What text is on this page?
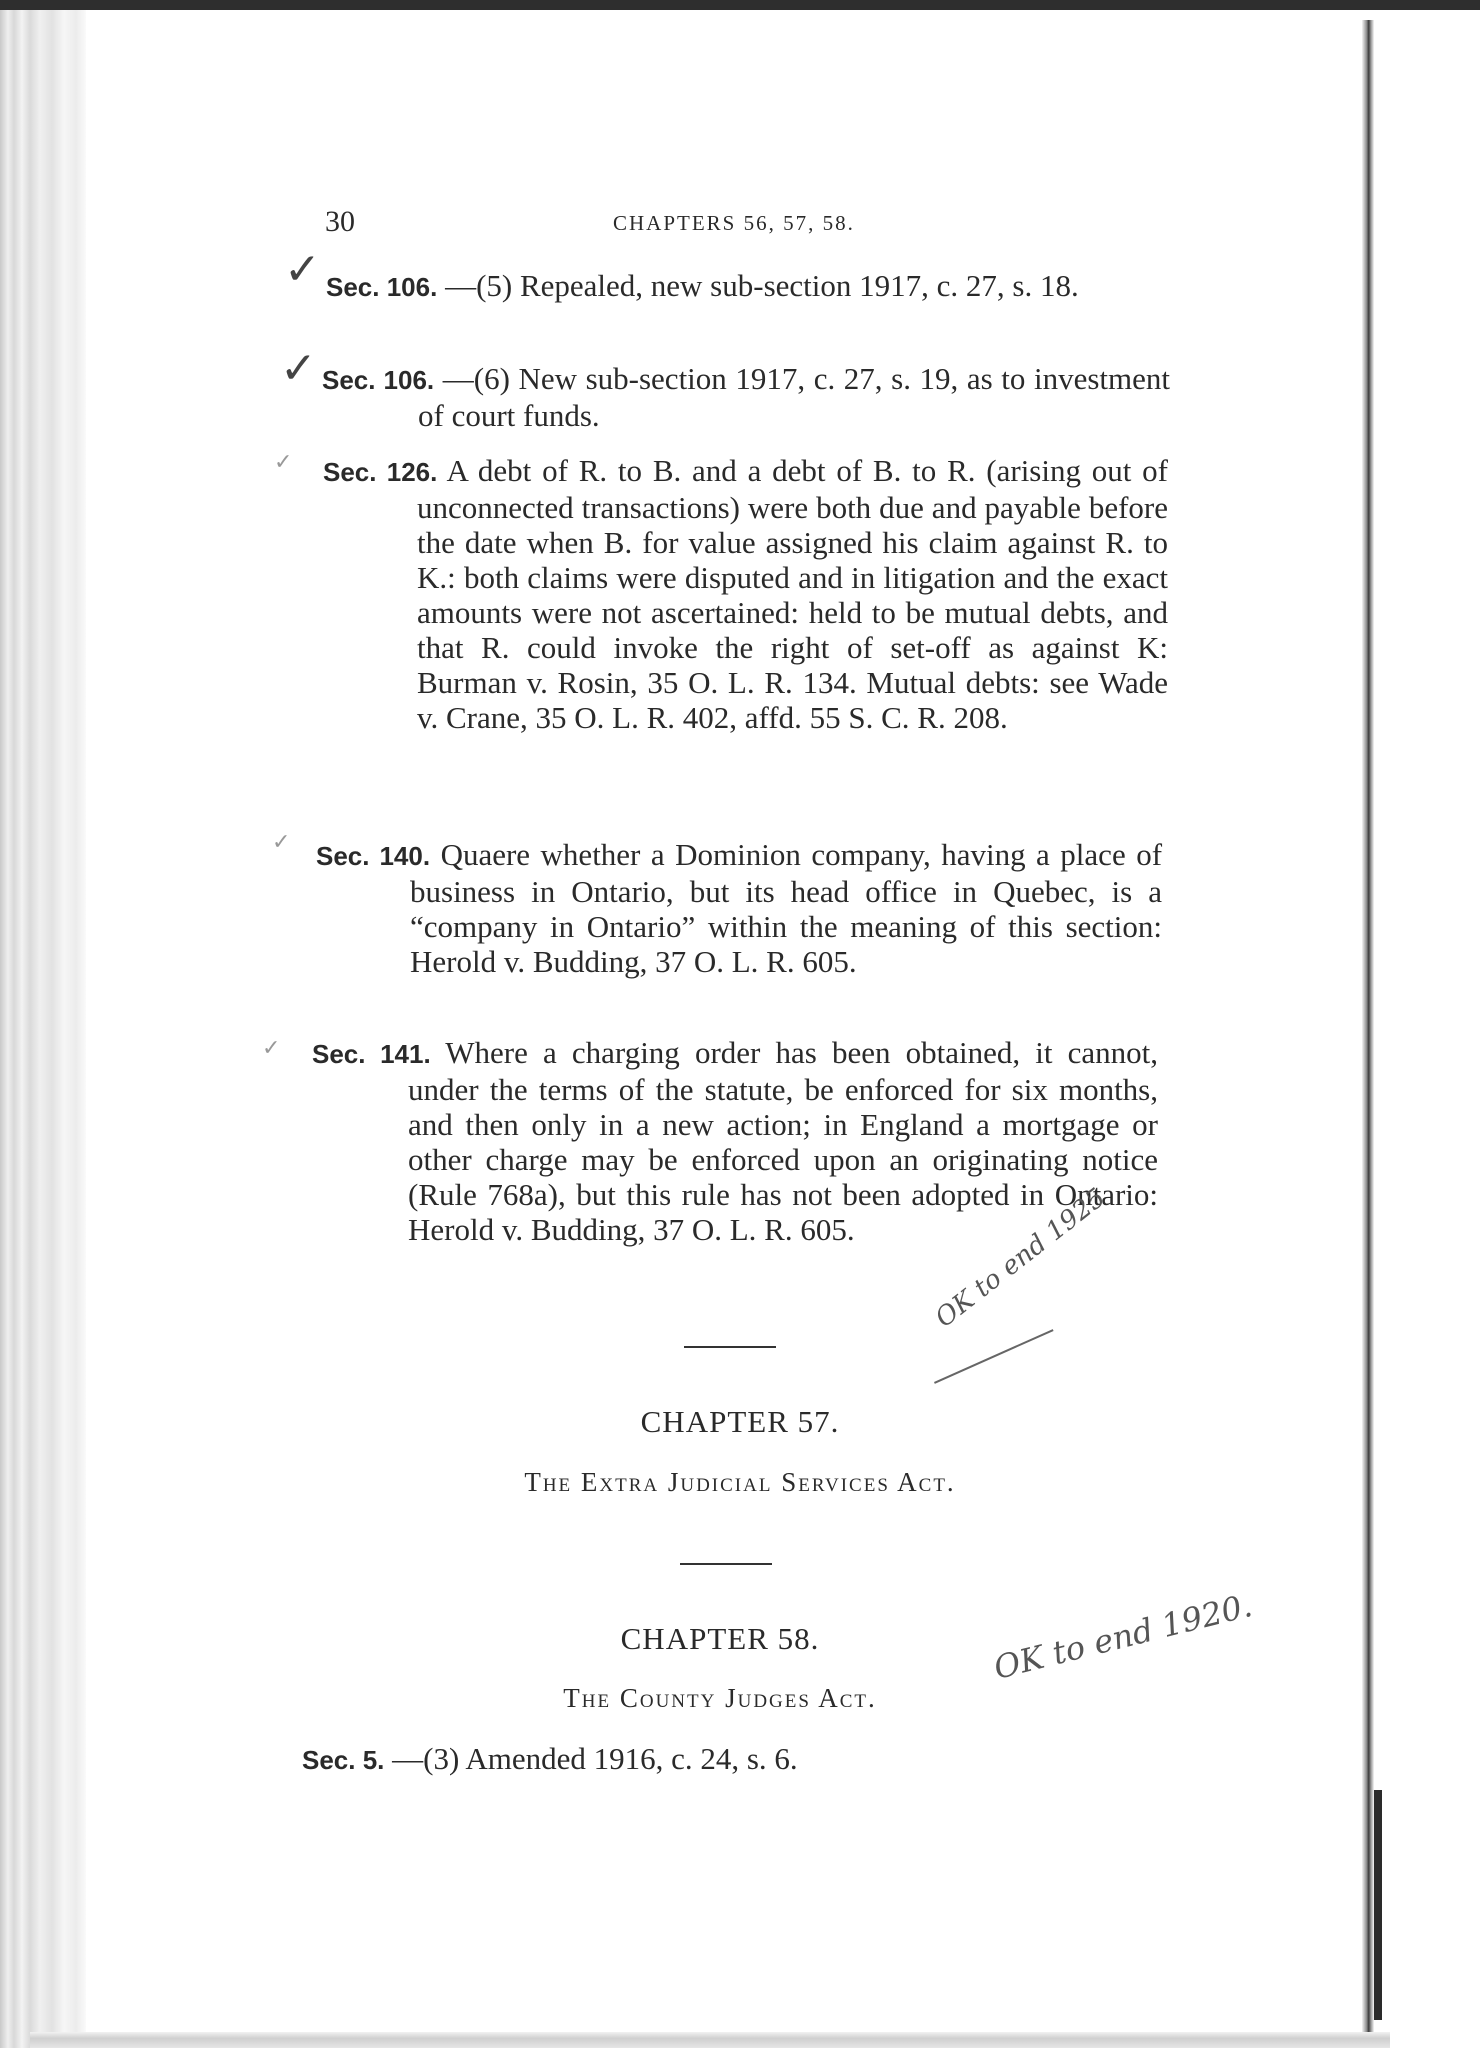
30	CHAPTERS 56, 57, 58.
✓
✓
✓
✓
✓
Sec. 106. —(5) Repealed, new sub-section 1917, c. 27, s. 18.
Sec. 106. —(6) New sub-section 1917, c. 27, s. 19, as to investment of court funds.
Sec. 126. A debt of R. to B. and a debt of B. to R. (arising out of unconnected transactions) were both due and payable before the date when B. for value assigned his claim against R. to K.: both claims were disputed and in litigation and the exact amounts were not ascertained: held to be mutual debts, and that R. could invoke the right of set-off as against K: Burman v. Rosin, 35 O. L. R. 134. Mutual debts: see Wade v. Crane, 35 O. L. R. 402, affd. 55 S. C. R. 208.
Sec. 140. Quaere whether a Dominion company, having a place of business in Ontario, but its head office in Quebec, is a “company in Ontario” within the meaning of this section: Herold v. Budding, 37 O. L. R. 605.
Sec. 141. Where a charging order has been obtained, it cannot, under the terms of the statute, be enforced for six months, and then only in a new action; in England a mortgage or other charge may be enforced upon an originating notice (Rule 768a), but this rule has not been adopted in Ontario: Herold v. Budding, 37 O. L. R. 605.	OK to end 1925
CHAPTER 57.
The Extra Judicial Services Act.
CHAPTER 58.
The County Judges Act.
OK to end 1920.
Sec. 5. —(3) Amended 1916, c. 24, s. 6.
